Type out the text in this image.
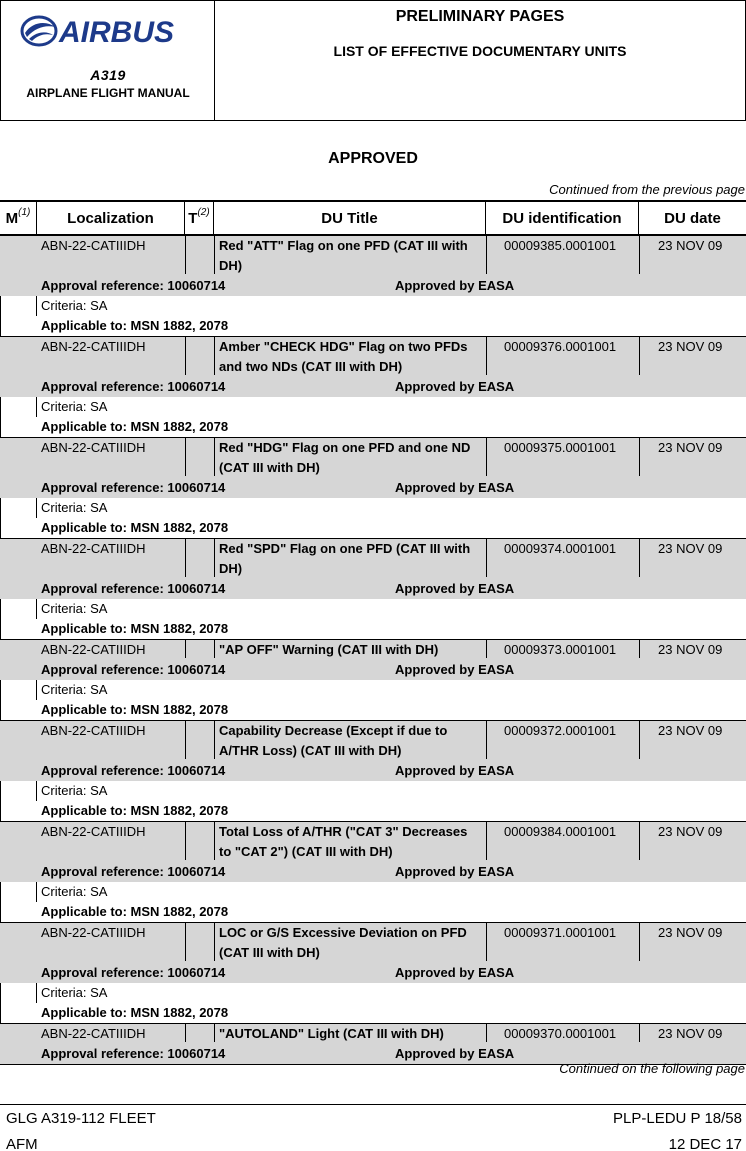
AIRBUS
A319
AIRPLANE FLIGHT MANUAL
PRELIMINARY PAGES
LIST OF EFFECTIVE DOCUMENTARY UNITS
APPROVED
Continued from the previous page
$M^{(1)}$	Localization	$T^{(2)}$	DU Title	DU identification	DU date
ABN-22-CATIIIDH	Red "ATT" Flag on one PFD (CAT III with DH)
00009385.0001001	23 NOV 09
Approval reference: 10060714	Approved by EASA
Criteria: SA
Applicable to: MSN 1882, 2078
ABN-22-CATIIIDH	Amber "CHECK HDG" Flag on two PFDs and two NDs (CAT III with DH)
00009376.0001001	23 NOV 09
Approval reference: 10060714	Approved by EASA
Criteria: SA
Applicable to: MSN 1882, 2078
ABN-22-CATIIIDH	Red "HDG" Flag on one PFD and one ND (CAT III with DH)
00009375.0001001	23 NOV 09
Approval reference: 10060714	Approved by EASA
Criteria: SA
Applicable to: MSN 1882, 2078
ABN-22-CATIIIDH	Red "SPD" Flag on one PFD (CAT III with DH)
00009374.0001001	23 NOV 09
Approval reference: 10060714	Approved by EASA
Criteria: SA
Applicable to: MSN 1882, 2078
ABN-22-CATIIIDH	"AP OFF" Warning (CAT III with DH)	00009373.0001001	23 NOV 09
Approval reference: 10060714	Approved by EASA
Criteria: SA
Applicable to: MSN 1882, 2078
ABN-22-CATIIIDH	Capability Decrease (Except if due to A/THR Loss) (CAT III with DH)
00009372.0001001	23 NOV 09
Approval reference: 10060714	Approved by EASA
Criteria: SA
Applicable to: MSN 1882, 2078
ABN-22-CATIIIDH	Total Loss of A/THR ("CAT 3" Decreases to "CAT 2") (CAT III with DH)
00009384.0001001	23 NOV 09
Approval reference: 10060714	Approved by EASA
Criteria: SA
Applicable to: MSN 1882, 2078
ABN-22-CATIIIDH	LOC or G/S Excessive Deviation on PFD (CAT III with DH)
00009371.0001001	23 NOV 09
Approval reference: 10060714	Approved by EASA
Criteria: SA
Applicable to: MSN 1882, 2078
ABN-22-CATIIIDH	"AUTOLAND" Light (CAT III with DH)	00009370.0001001	23 NOV 09
Approval reference: 10060714	Approved by EASA
Continued on the following page
GLG A319-112 FLEET	PLP-LEDU P 18/58
AFM	12 DEC 17
